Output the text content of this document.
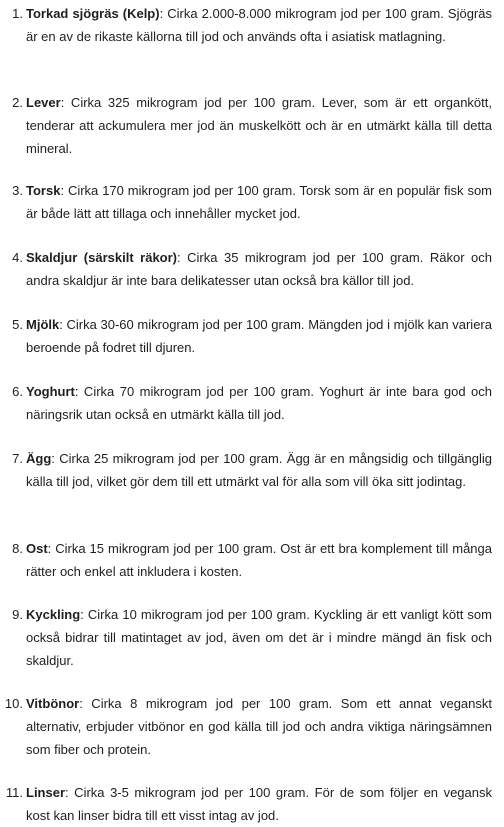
1. Torkad sjögräs (Kelp): Cirka 2.000-8.000 mikrogram jod per 100 gram. Sjögräs är en av de rikaste källorna till jod och används ofta i asiatisk matlagning.
2. Lever: Cirka 325 mikrogram jod per 100 gram. Lever, som är ett organkött, tenderar att ackumulera mer jod än muskelkött och är en utmärkt källa till detta mineral.
3. Torsk: Cirka 170 mikrogram jod per 100 gram. Torsk som är en populär fisk som är både lätt att tillaga och innehåller mycket jod.
4. Skaldjur (särskilt räkor): Cirka 35 mikrogram jod per 100 gram. Räkor och andra skaldjur är inte bara delikatesser utan också bra källor till jod.
5. Mjölk: Cirka 30-60 mikrogram jod per 100 gram. Mängden jod i mjölk kan variera beroende på fodret till djuren.
6. Yoghurt: Cirka 70 mikrogram jod per 100 gram. Yoghurt är inte bara god och näringsrik utan också en utmärkt källa till jod.
7. Ägg: Cirka 25 mikrogram jod per 100 gram. Ägg är en mångsidig och tillgänglig källa till jod, vilket gör dem till ett utmärkt val för alla som vill öka sitt jodintag.
8. Ost: Cirka 15 mikrogram jod per 100 gram. Ost är ett bra komplement till många rätter och enkel att inkludera i kosten.
9. Kyckling: Cirka 10 mikrogram jod per 100 gram. Kyckling är ett vanligt kött som också bidrar till matintaget av jod, även om det är i mindre mängd än fisk och skaldjur.
10. Vitbönor: Cirka 8 mikrogram jod per 100 gram. Som ett annat veganskt alternativ, erbjuder vitbönor en god källa till jod och andra viktiga näringsämnen som fiber och protein.
11. Linser: Cirka 3-5 mikrogram jod per 100 gram. För de som följer en vegansk kost kan linser bidra till ett visst intag av jod.
